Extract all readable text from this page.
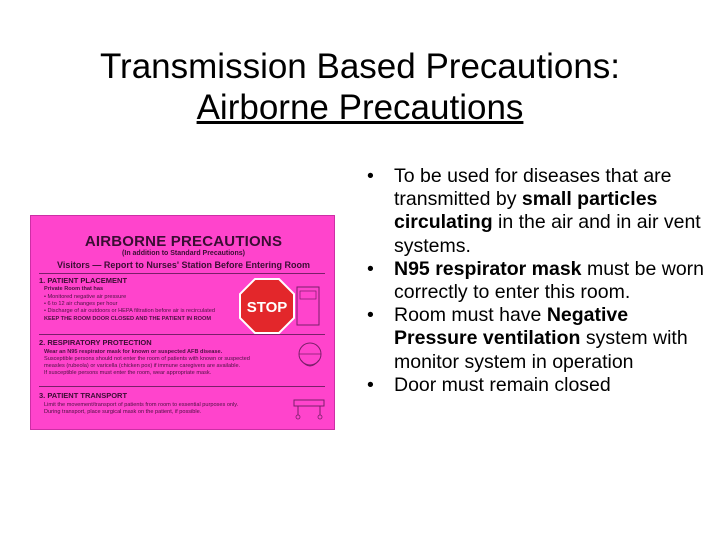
Transmission Based Precautions:
Airborne Precautions
AIRBORNE PRECAUTIONS
(In addition to Standard Precautions)
Visitors — Report to Nurses' Station Before Entering Room
1. PATIENT PLACEMENT
Private Room that has
• Monitored negative air pressure
• 6 to 12 air changes per hour
• Discharge of air outdoors or HEPA filtration before air is recirculated
KEEP THE ROOM DOOR CLOSED AND THE PATIENT IN ROOM
2. RESPIRATORY PROTECTION
Wear an N95 respirator mask for known or suspected AFB disease.
Susceptible persons should not enter the room of patients with known or suspected
measles (rubeola) or varicella (chicken pox) if immune caregivers are available.
If susceptible persons must enter the room, wear appropriate mask.
3. PATIENT TRANSPORT
Limit the movement/transport of patients from room to essential purposes only.
During transport, place surgical mask on the patient, if possible.
STOP
• To be used for diseases that are transmitted by small particles circulating in the air and in air vent systems.
• N95 respirator mask must be worn correctly to enter this room.
• Room must have Negative Pressure ventilation system with monitor system in operation
• Door must remain closed
